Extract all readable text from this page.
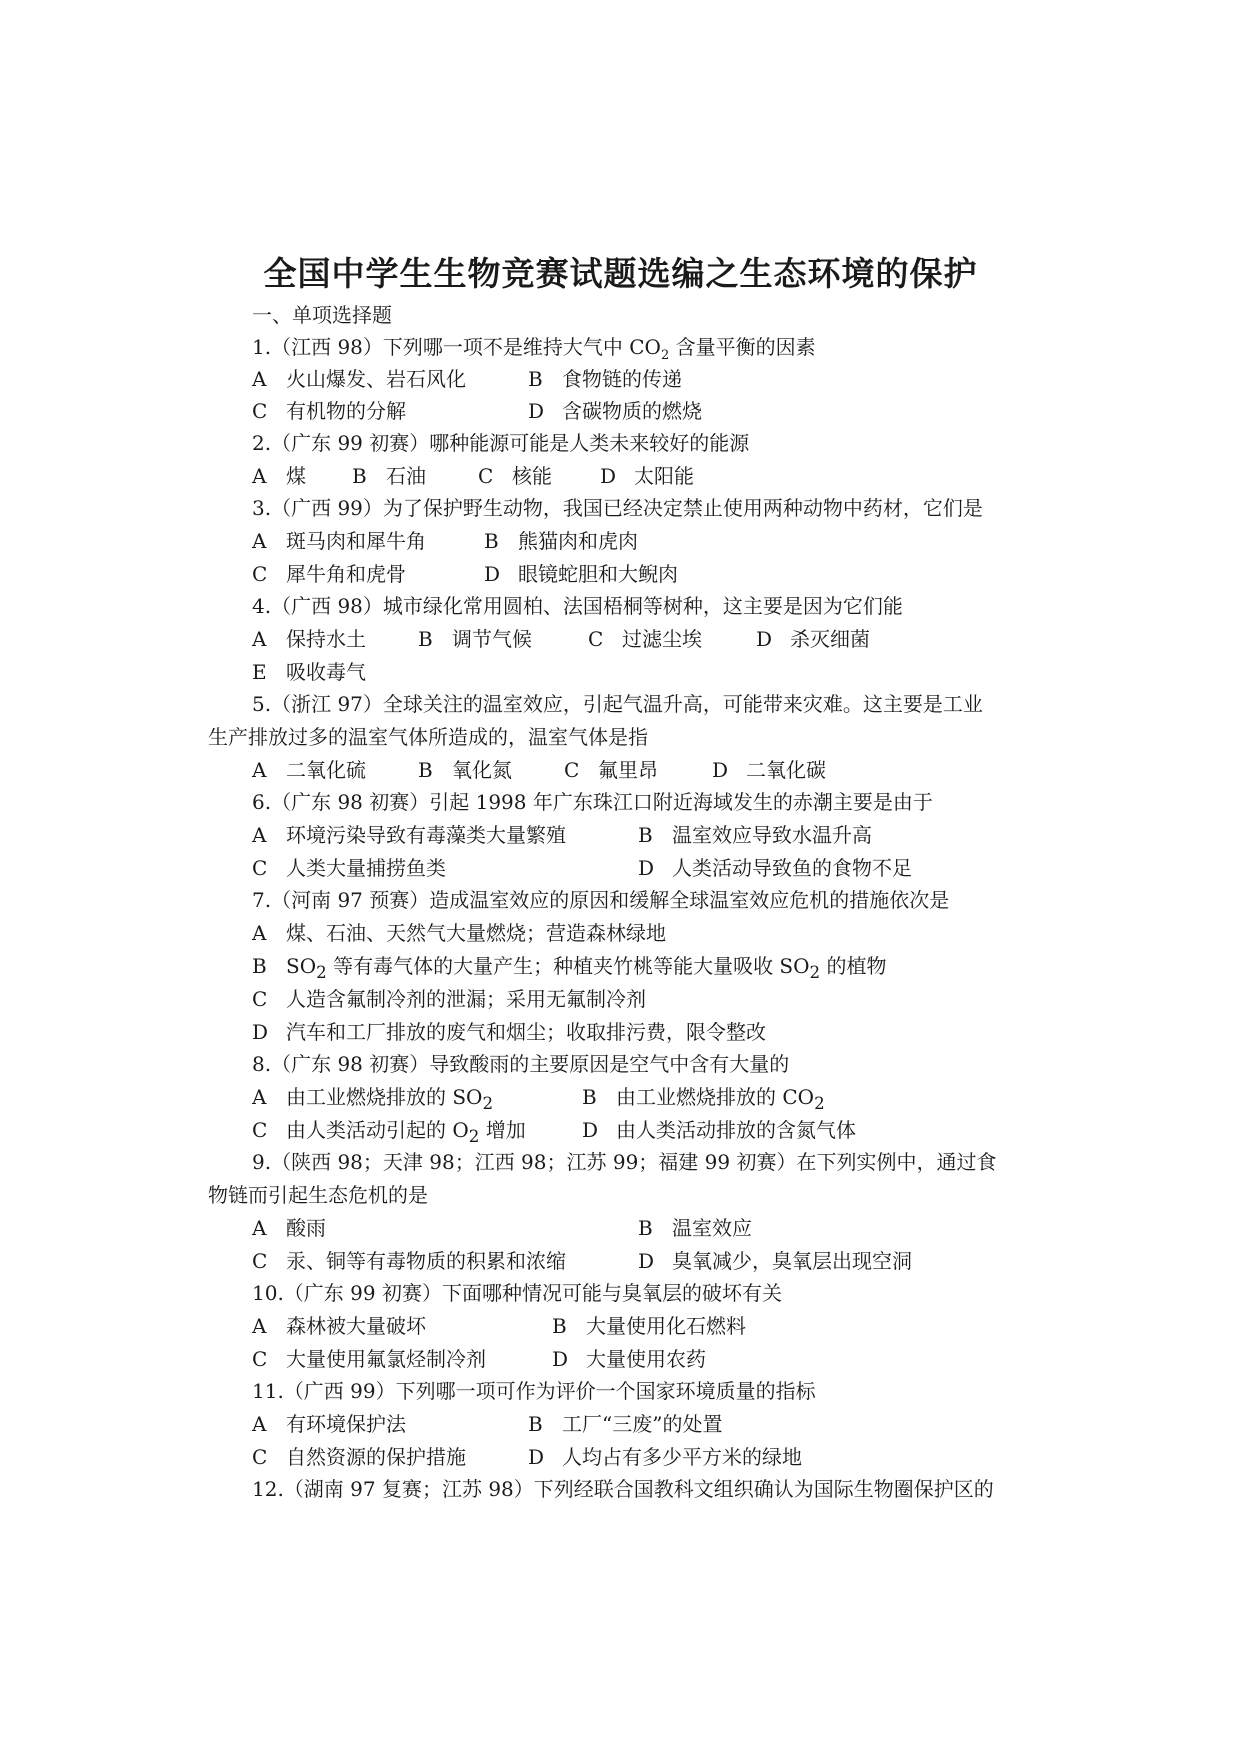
全国中学生生物竞赛试题选编之生态环境的保护
一、单项选择题
1.（江西 98）下列哪一项不是维持大气中 $CO_2$ 含量平衡的因素
A 火山爆发、岩石风化	B 食物链的传递
C 有机物的分解	D 含碳物质的燃烧
2.（广东 99 初赛）哪种能源可能是人类未来较好的能源
A 煤 B 石油	C 核能 D 太阳能
3.（广西 99）为了保护野生动物，我国已经决定禁止使用两种动物中药材，它们是
A 斑马肉和犀牛角	B 熊猫肉和虎肉
C 犀牛角和虎骨	D 眼镜蛇胆和大鲵肉
4.（广西 98）城市绿化常用圆柏、法国梧桐等树种，这主要是因为它们能
A 保持水土	B 调节气候	C 过滤尘埃	D 杀灭细菌
E 吸收毒气
5.（浙江 97）全球关注的温室效应，引起气温升高，可能带来灾难。这主要是工业
生产排放过多的温室气体所造成的，温室气体是指
A 二氧化硫	B 氧化氮	C 氟里昂	D 二氧化碳
6.（广东 98 初赛）引起 1998 年广东珠江口附近海域发生的赤潮主要是由于
A 环境污染导致有毒藻类大量繁殖	B 温室效应导致水温升高
C 人类大量捕捞鱼类	D 人类活动导致鱼的食物不足
7.（河南 97 预赛）造成温室效应的原因和缓解全球温室效应危机的措施依次是
A 煤、石油、天然气大量燃烧；营造森林绿地
B $SO_2$ 等有毒气体的大量产生；种植夹竹桃等能大量吸收 $SO_2$ 的植物
C 人造含氟制冷剂的泄漏；采用无氟制冷剂
D 汽车和工厂排放的废气和烟尘；收取排污费，限令整改
8.（广东 98 初赛）导致酸雨的主要原因是空气中含有大量的
A 由工业燃烧排放的 $SO_2$	B 由工业燃烧排放的 $CO_2$
C 由人类活动引起的 $O_2$ 增加	D 由人类活动排放的含氮气体
9.（陕西 98；天津 98；江西 98；江苏 99；福建 99 初赛）在下列实例中，通过食
物链而引起生态危机的是
A 酸雨	B 温室效应
C 汞、铜等有毒物质的积累和浓缩	D 臭氧减少，臭氧层出现空洞
10.（广东 99 初赛）下面哪种情况可能与臭氧层的破坏有关
A 森林被大量破坏	B 大量使用化石燃料
C 大量使用氟氯烃制冷剂	D 大量使用农药
11.（广西 99）下列哪一项可作为评价一个国家环境质量的指标
A 有环境保护法	B 工厂“三废”的处置
C 自然资源的保护措施	D 人均占有多少平方米的绿地
12.（湖南 97 复赛；江苏 98）下列经联合国教科文组织确认为国际生物圈保护区的
